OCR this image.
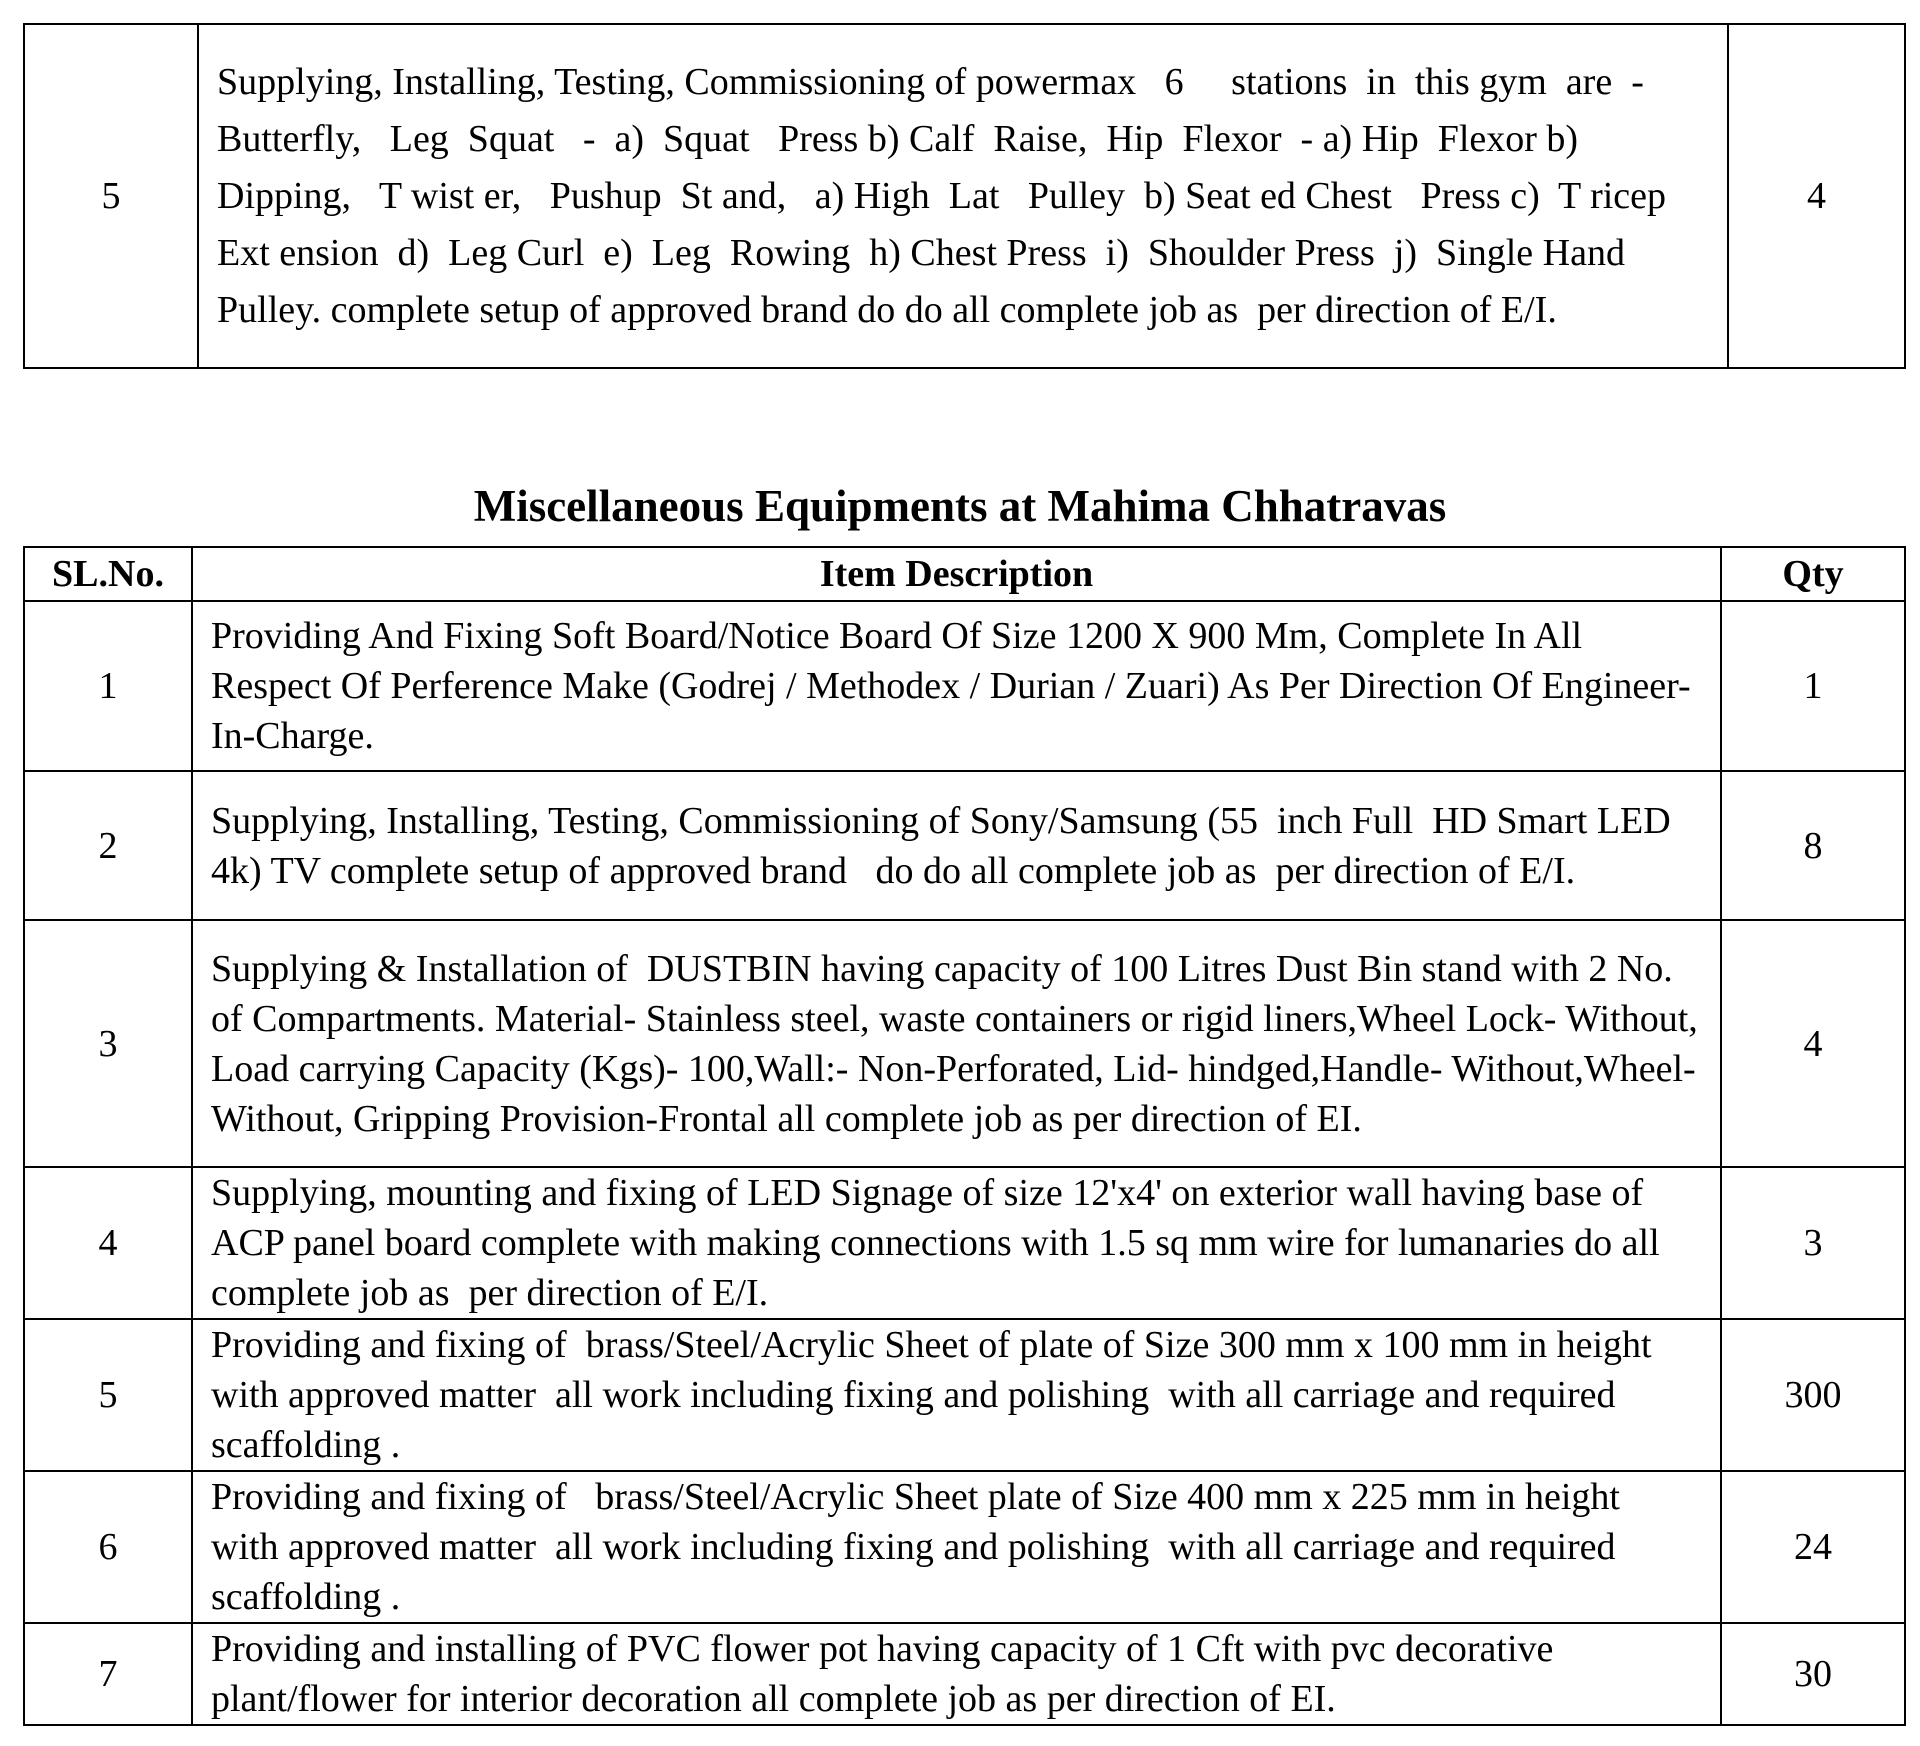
5	Supplying, Installing, Testing, Commissioning of powermax   6     stations  in  this gym  are  - Butterfly,   Leg  Squat   -  a)  Squat   Press b) Calf  Raise,  Hip  Flexor  - a) Hip  Flexor b) Dipping,   T wist er,   Pushup  St and,   a) High  Lat   Pulley  b) Seat ed Chest   Press c)  T ricep  Ext ension  d)  Leg Curl  e)  Leg  Rowing  h) Chest Press  i)  Shoulder Press  j)  Single Hand  Pulley. complete setup of approved brand do do all complete job as  per direction of E/I.	4
Miscellaneous Equipments at Mahima Chhatravas
SL.No.	Item Description	Qty
1	Providing And Fixing Soft Board/Notice Board Of Size 1200 X 900 Mm, Complete In All Respect Of Perference Make (Godrej / Methodex / Durian / Zuari) As Per Direction Of Engineer-In-Charge.	1
2	Supplying, Installing, Testing, Commissioning of Sony/Samsung (55  inch Full  HD Smart LED 4k) TV complete setup of approved brand   do do all complete job as  per direction of E/I.	8
3	Supplying & Installation of  DUSTBIN having capacity of 100 Litres Dust Bin stand with 2 No. of Compartments. Material- Stainless steel, waste containers or rigid liners,Wheel Lock- Without, Load carrying Capacity (Kgs)- 100,Wall:- Non-Perforated, Lid- hindged,Handle- Without,Wheel- Without, Gripping Provision-Frontal all complete job as per direction of EI.	4
4	Supplying, mounting and fixing of LED Signage of size 12'x4' on exterior wall having base of ACP panel board complete with making connections with 1.5 sq mm wire for lumanaries do all complete job as  per direction of E/I.	3
5	Providing and fixing of  brass/Steel/Acrylic Sheet of plate of Size 300 mm x 100 mm in height  with approved matter  all work including fixing and polishing  with all carriage and required scaffolding .	300
6	Providing and fixing of   brass/Steel/Acrylic Sheet plate of Size 400 mm x 225 mm in height  with approved matter  all work including fixing and polishing  with all carriage and required scaffolding .	24
7	Providing and installing of PVC flower pot having capacity of 1 Cft with pvc decorative plant/flower for interior decoration all complete job as per direction of EI.	30
